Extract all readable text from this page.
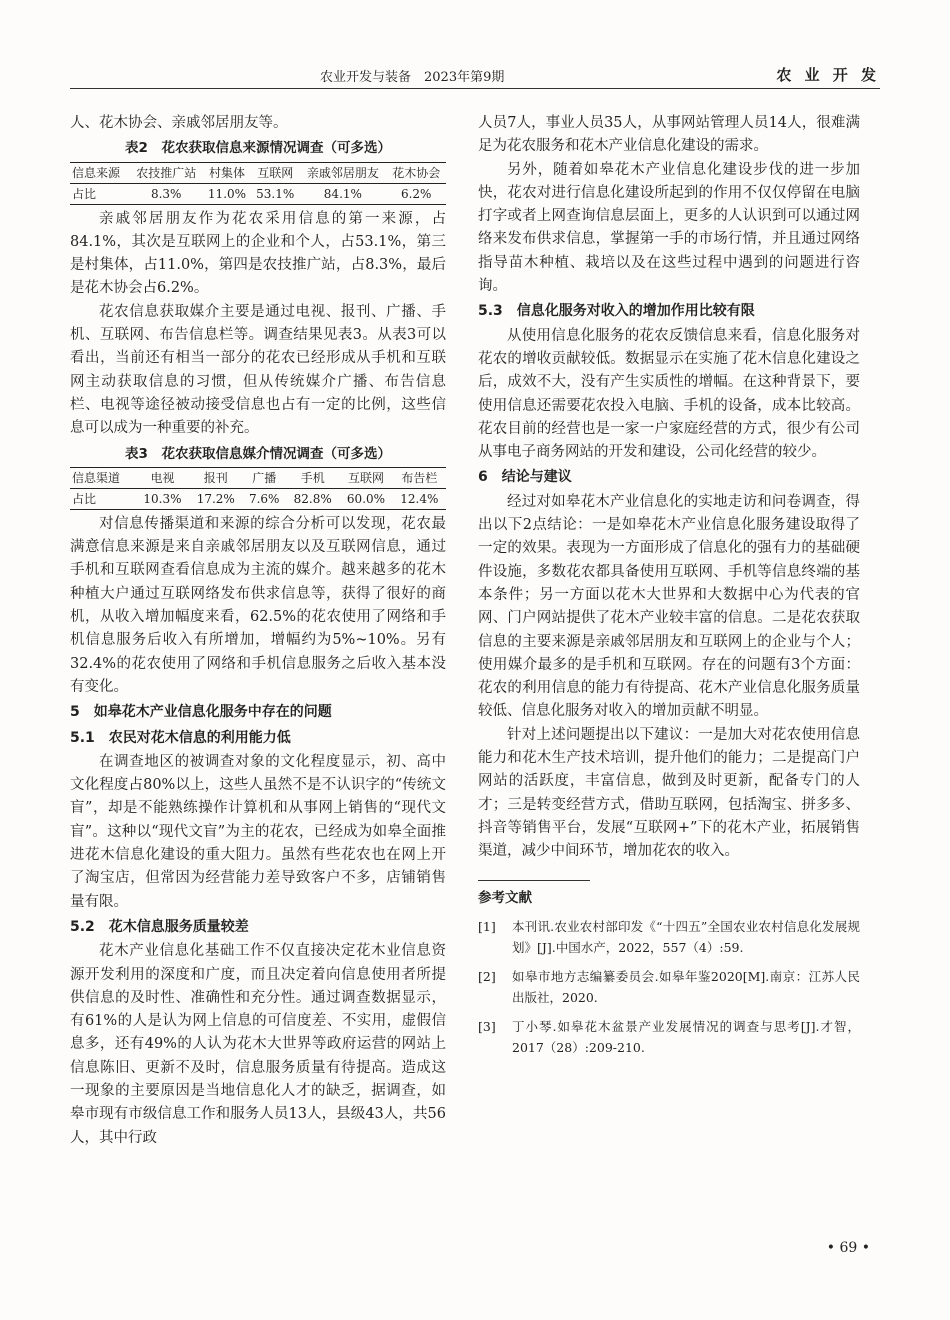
农业开发与装备　2023年第9期	农 业 开 发

人、花木协会、亲戚邻居朋友等。

表2　花农获取信息来源情况调查（可多选）
信息来源	农技推广站	村集体	互联网	亲戚邻居朋友	花木协会
占比	8.3%	11.0%	53.1%	84.1%	6.2%

亲戚邻居朋友作为花农采用信息的第一来源，占84.1%，其次是互联网上的企业和个人，占53.1%，第三是村集体，占11.0%，第四是农技推广站，占8.3%，最后是花木协会占6.2%。

花农信息获取媒介主要是通过电视、报刊、广播、手机、互联网、布告信息栏等。调查结果见表3。从表3可以看出，当前还有相当一部分的花农已经形成从手机和互联网主动获取信息的习惯，但从传统媒介广播、布告信息栏、电视等途径被动接受信息也占有一定的比例，这些信息可以成为一种重要的补充。

表3　花农获取信息媒介情况调查（可多选）
信息渠道	电视	报刊	广播	手机	互联网	布告栏
占比	10.3%	17.2%	7.6%	82.8%	60.0%	12.4%

对信息传播渠道和来源的综合分析可以发现，花农最满意信息来源是来自亲戚邻居朋友以及互联网信息，通过手机和互联网查看信息成为主流的媒介。越来越多的花木种植大户通过互联网络发布供求信息等，获得了很好的商机，从收入增加幅度来看，62.5%的花农使用了网络和手机信息服务后收入有所增加，增幅约为5%~10%。另有32.4%的花农使用了网络和手机信息服务之后收入基本没有变化。

5　如皋花木产业信息化服务中存在的问题
5.1　农民对花木信息的利用能力低

在调查地区的被调查对象的文化程度显示，初、高中文化程度占80%以上，这些人虽然不是不认识字的“传统文盲”，却是不能熟练操作计算机和从事网上销售的“现代文盲”。这种以“现代文盲”为主的花农，已经成为如皋全面推进花木信息化建设的重大阻力。虽然有些花农也在网上开了淘宝店，但常因为经营能力差导致客户不多，店铺销售量有限。

5.2　花木信息服务质量较差

花木产业信息化基础工作不仅直接决定花木业信息资源开发利用的深度和广度，而且决定着向信息使用者所提供信息的及时性、准确性和充分性。通过调查数据显示，有61%的人是认为网上信息的可信度差、不实用，虚假信息多，还有49%的人认为花木大世界等政府运营的网站上信息陈旧、更新不及时，信息服务质量有待提高。造成这一现象的主要原因是当地信息化人才的缺乏，据调查，如皋市现有市级信息工作和服务人员13人，县级43人，共56人，其中行政

人员7人，事业人员35人，从事网站管理人员14人，很难满足为花农服务和花木产业信息化建设的需求。

另外，随着如皋花木产业信息化建设步伐的进一步加快，花农对进行信息化建设所起到的作用不仅仅停留在电脑打字或者上网查询信息层面上，更多的人认识到可以通过网络来发布供求信息，掌握第一手的市场行情，并且通过网络指导苗木种植、栽培以及在这些过程中遇到的问题进行咨询。

5.3　信息化服务对收入的增加作用比较有限

从使用信息化服务的花农反馈信息来看，信息化服务对花农的增收贡献较低。数据显示在实施了花木信息化建设之后，成效不大，没有产生实质性的增幅。在这种背景下，要使用信息还需要花农投入电脑、手机的设备，成本比较高。花农目前的经营也是一家一户家庭经营的方式，很少有公司从事电子商务网站的开发和建设，公司化经营的较少。

6　结论与建议

经过对如皋花木产业信息化的实地走访和问卷调查，得出以下2点结论：一是如皋花木产业信息化服务建设取得了一定的效果。表现为一方面形成了信息化的强有力的基础硬件设施，多数花农都具备使用互联网、手机等信息终端的基本条件；另一方面以花木大世界和大数据中心为代表的官网、门户网站提供了花木产业较丰富的信息。二是花农获取信息的主要来源是亲戚邻居朋友和互联网上的企业与个人；使用媒介最多的是手机和互联网。存在的问题有3个方面：花农的利用信息的能力有待提高、花木产业信息化服务质量较低、信息化服务对收入的增加贡献不明显。

针对上述问题提出以下建议：一是加大对花农使用信息能力和花木生产技术培训，提升他们的能力；二是提高门户网站的活跃度，丰富信息，做到及时更新，配备专门的人才；三是转变经营方式，借助互联网，包括淘宝、拼多多、抖音等销售平台，发展“互联网+”下的花木产业，拓展销售渠道，减少中间环节，增加花农的收入。

参考文献
[1]	本刊讯.农业农村部印发《“十四五”全国农业农村信息化发展规划》[J].中国水产，2022，557（4）:59.
[2]	如皋市地方志编纂委员会.如皋年鉴2020[M].南京：江苏人民出版社，2020.
[3]	丁小琴.如皋花木盆景产业发展情况的调查与思考[J].才智，2017（28）:209-210.
• 69 •
